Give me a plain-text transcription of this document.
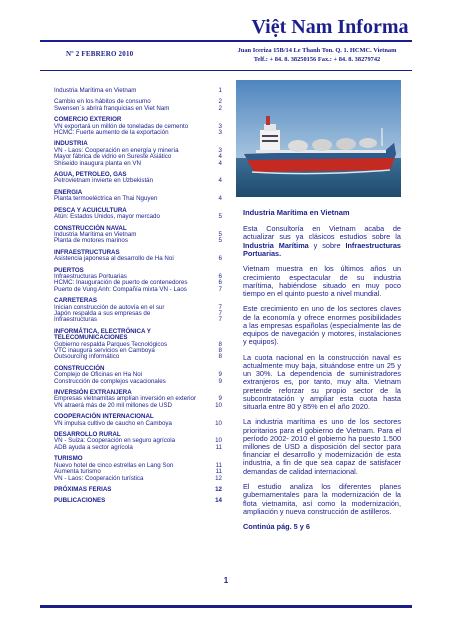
Việt Nam Informa
Nº 2 FEBRERO 2010	Juan Iceriza 15B/14 Le Thanh Ton. Q. 1. HCMC. Vietnam
Telf.: + 84. 8. 38250156 Fax.: + 84. 8. 38279742
Industria Marítima en Vietnam	1
Cambio en los hábitos de consumo	2
Swensen´s abrirá franquicias en Viet Nam	2
COMERCIO EXTERIOR
VN exportará un millón de toneladas de cemento	3
HCMC: Fuerte aumento de la exportación	3
INDUSTRIA
VN - Laos: Cooperación en energía y minería	3
Mayor fábrica de vidrio en Sureste Asiático	4
Shiseido inaugura planta en VN	4
AGUA, PETROLEO, GAS
Petrovietnam invierte en Uzbekistán	4
ENERGIA
Planta termoeléctrica en Thai Nguyen	4
PESCA Y ACUICULTURA
Atún: Estados Unidos, mayor mercado	5
CONSTRUCCIÓN NAVAL
Industria Marítima en Vietnam	5
Planta de motores marinos	5
INFRAESTRUCTURAS
Asistencia japonesa al desarrollo de Ha Noi	6
PUERTOS
Infraestructuras Portuarias	6
HCMC: Inauguración de puerto de contenedores	6
Puerto de Vung Anh: Compañía mixta VN - Laos	7
CARRETERAS
Inician construcción de autovía en el sur	7
Japón respalda a sus empresas de	7
Infraestructuras	7
INFORMÁTICA, ELECTRÓNICA Y TELECOMUNICACIONES
Gobierno respalda Parques Tecnológicos	8
VTC inaugura servicios en Camboya	8
Outsourcing informático	8
CONSTRUCCIÓN
Complejo de Oficinas en Ha Noi	9
Construcción de complejos vacacionales	9
INVERSIÓN EXTRANJERA
Empresas vietnamitas amplían inversión en exterior	9
VN atraerá más de 20 mil millones de USD	10
COOPERACIÓN INTERNACIONAL
VN impulsa cultivo de caucho en Camboya	10
DESARROLLO RURAL
VN - Suiza: Cooperación en seguro agrícola	10
ADB ayuda a sector agrícola	11
TURISMO
Nuevo hotel de cinco estrellas en Lang Son	11
Aumenta turismo	11
VN - Laos: Cooperación turística	12
PRÓXIMAS FERIAS	12
PUBLICACIONES	14
Industria Marítima en Vietnam

Esta Consultoría en Vietnam acaba de actualizar sus ya clásicos estudios sobre la Industria Marítima y sobre Infraestructuras Portuarias.

Vietnam muestra en los últimos años un crecimiento espectacular de su industria marítima, habiéndose situado en muy poco tiempo en el quinto puesto a nivel mundial.

Este crecimiento en uno de los sectores claves de la economía y ofrece enormes posibilidades a las empresas españolas (especialmente las de equipos de navegación y motores, instalaciones y equipos).

La cuota nacional en la construcción naval es actualmente muy baja, situándose entre un 25 y un 30%. La dependencia de suministradores extranjeros es, por tanto, muy alta. Vietnam pretende reforzar su propio sector de la subcontratación y ampliar esta cuota hasta situarla entre 80 y 85% en el año 2020.

La industria marítima es uno de los sectores prioritarios para el gobierno de Vietnam. Para el período 2002- 2010 el gobierno ha puesto 1.500 millones de USD a disposición del sector para financiar el desarrollo y modernización de esta industria, a fin de que sea capaz de satisfacer demandas de calidad internacional.

El estudio analiza los diferentes planes gubernamentales para la modernización de la flota vietnamita, así como la modernización, ampliación y nueva construcción de astilleros.

Continúa pág. 5 y 6
1
